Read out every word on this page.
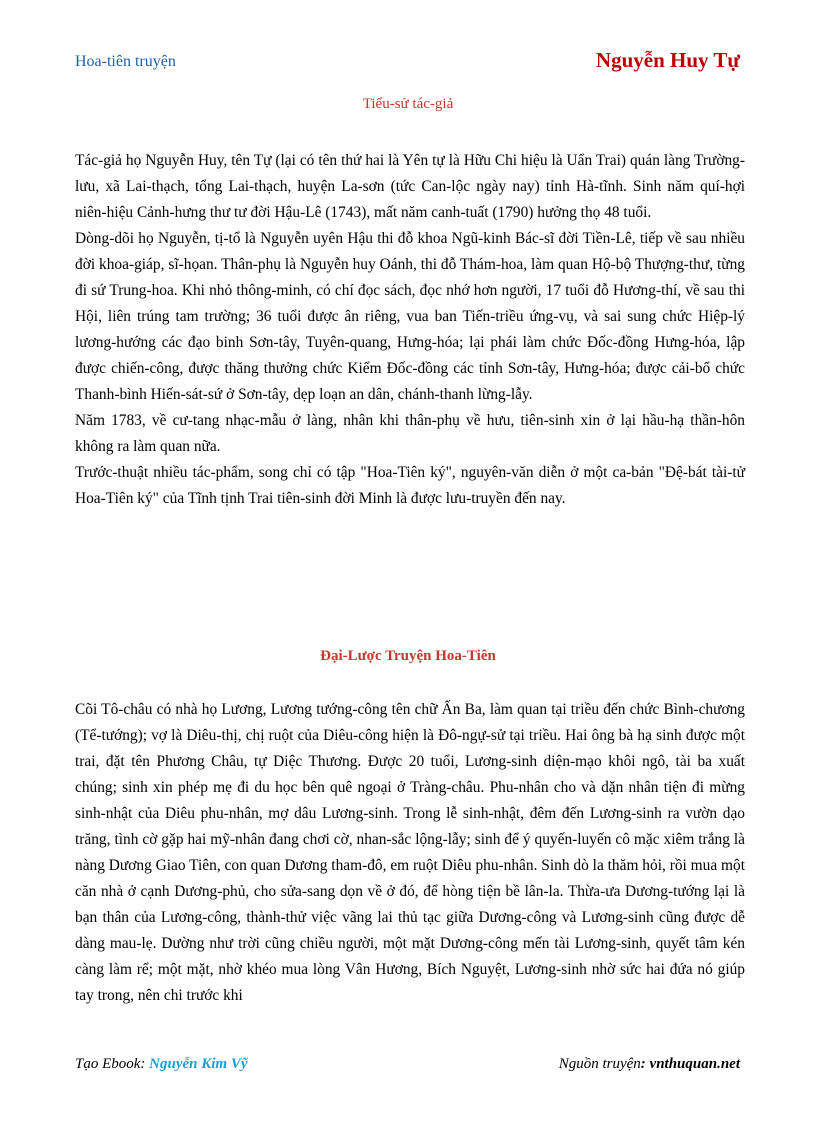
Hoa-tiên truyện	Nguyễn Huy Tự
Tiểu-sử tác-giả

Tác-giả họ Nguyễn Huy, tên Tự (lại có tên thứ hai là Yên tự là Hữu Chi hiệu là Uẩn Trai) quán làng Trường-lưu, xã Lai-thạch, tổng Lai-thạch, huyện La-sơn (tức Can-lộc ngày nay) tỉnh Hà-tĩnh. Sinh năm quí-hợi niên-hiệu Cảnh-hưng thư tư đời Hậu-Lê (1743), mất năm canh-tuất (1790) hưởng thọ 48 tuổi.

Dòng-dõi họ Nguyễn, tị-tổ là Nguyễn uyên Hậu thi đỗ khoa Ngũ-kinh Bác-sĩ đời Tiền-Lê, tiếp về sau nhiều đời khoa-giáp, sĩ-họan. Thân-phụ là Nguyễn huy Oánh, thi đỗ Thám-hoa, làm quan Hộ-bộ Thượng-thư, từng đi sứ Trung-hoa. Khi nhỏ thông-minh, có chí đọc sách, đọc nhớ hơn người, 17 tuổi đỗ Hương-thí, về sau thi Hội, liên trúng tam trường; 36 tuổi được ân riêng, vua ban Tiến-triều ứng-vụ, và sai sung chức Hiệp-lý lương-hướng các đạo binh Sơn-tây, Tuyên-quang, Hưng-hóa; lại phái làm chức Đốc-đồng Hưng-hóa, lập được chiến-công, được thăng thưởng chức Kiểm Đốc-đồng các tỉnh Sơn-tây, Hưng-hóa; được cải-bổ chức Thanh-bình Hiến-sát-sứ ở Sơn-tây, dẹp loạn an dân, chánh-thanh lừng-lẫy.

Năm 1783, về cư-tang nhạc-mẫu ở làng, nhân khi thân-phụ về hưu, tiên-sinh xin ở lại hầu-hạ thần-hôn không ra làm quan nữa.

Trước-thuật nhiều tác-phẩm, song chỉ có tập "Hoa-Tiên ký", nguyên-văn diễn ở một ca-bản "Đệ-bát tài-tử Hoa-Tiên ký" của Tĩnh tịnh Trai tiên-sinh đời Minh là được lưu-truyền đến nay.

Đại-Lược Truyện Hoa-Tiên

Cõi Tô-châu có nhà họ Lương, Lương tướng-công tên chữ Ấn Ba, làm quan tại triều đến chức Bình-chương (Tể-tướng); vợ là Diêu-thị, chị ruột của Diêu-công hiện là Đô-ngự-sử tại triều. Hai ông bà hạ sinh được một trai, đặt tên Phương Châu, tự Diệc Thương. Được 20 tuổi, Lương-sinh diện-mạo khôi ngô, tài ba xuất chúng; sinh xin phép mẹ đi du học bên quê ngoại ở Tràng-châu. Phu-nhân cho và dặn nhân tiện đi mừng sinh-nhật của Diêu phu-nhân, mợ dâu Lương-sinh. Trong lễ sinh-nhật, đêm đến Lương-sinh ra vườn dạo trăng, tình cờ gặp hai mỹ-nhân đang chơi cờ, nhan-sắc lộng-lẫy; sinh để ý quyến-luyến cô mặc xiêm trắng là nàng Dương Giao Tiên, con quan Dương tham-đô, em ruột Diêu phu-nhân. Sinh dò la thăm hỏi, rồi mua một căn nhà ở cạnh Dương-phủ, cho sửa-sang dọn về ở đó, để hòng tiện bề lân-la. Thừa-ưa Dương-tướng lại là bạn thân của Lương-công, thành-thử việc vãng lai thủ tạc giữa Dương-công và Lương-sinh cũng được dễ dàng mau-lẹ. Dường như trời cũng chiều người, một mặt Dương-công mến tài Lương-sinh, quyết tâm kén càng làm rể; một mặt, nhờ khéo mua lòng Vân Hương, Bích Nguyệt, Lương-sinh nhờ sức hai đứa nó giúp tay trong, nên chi trước khi

Tạo Ebook: Nguyễn Kim Vỹ	Nguồn truyện: vnthuquan.net
